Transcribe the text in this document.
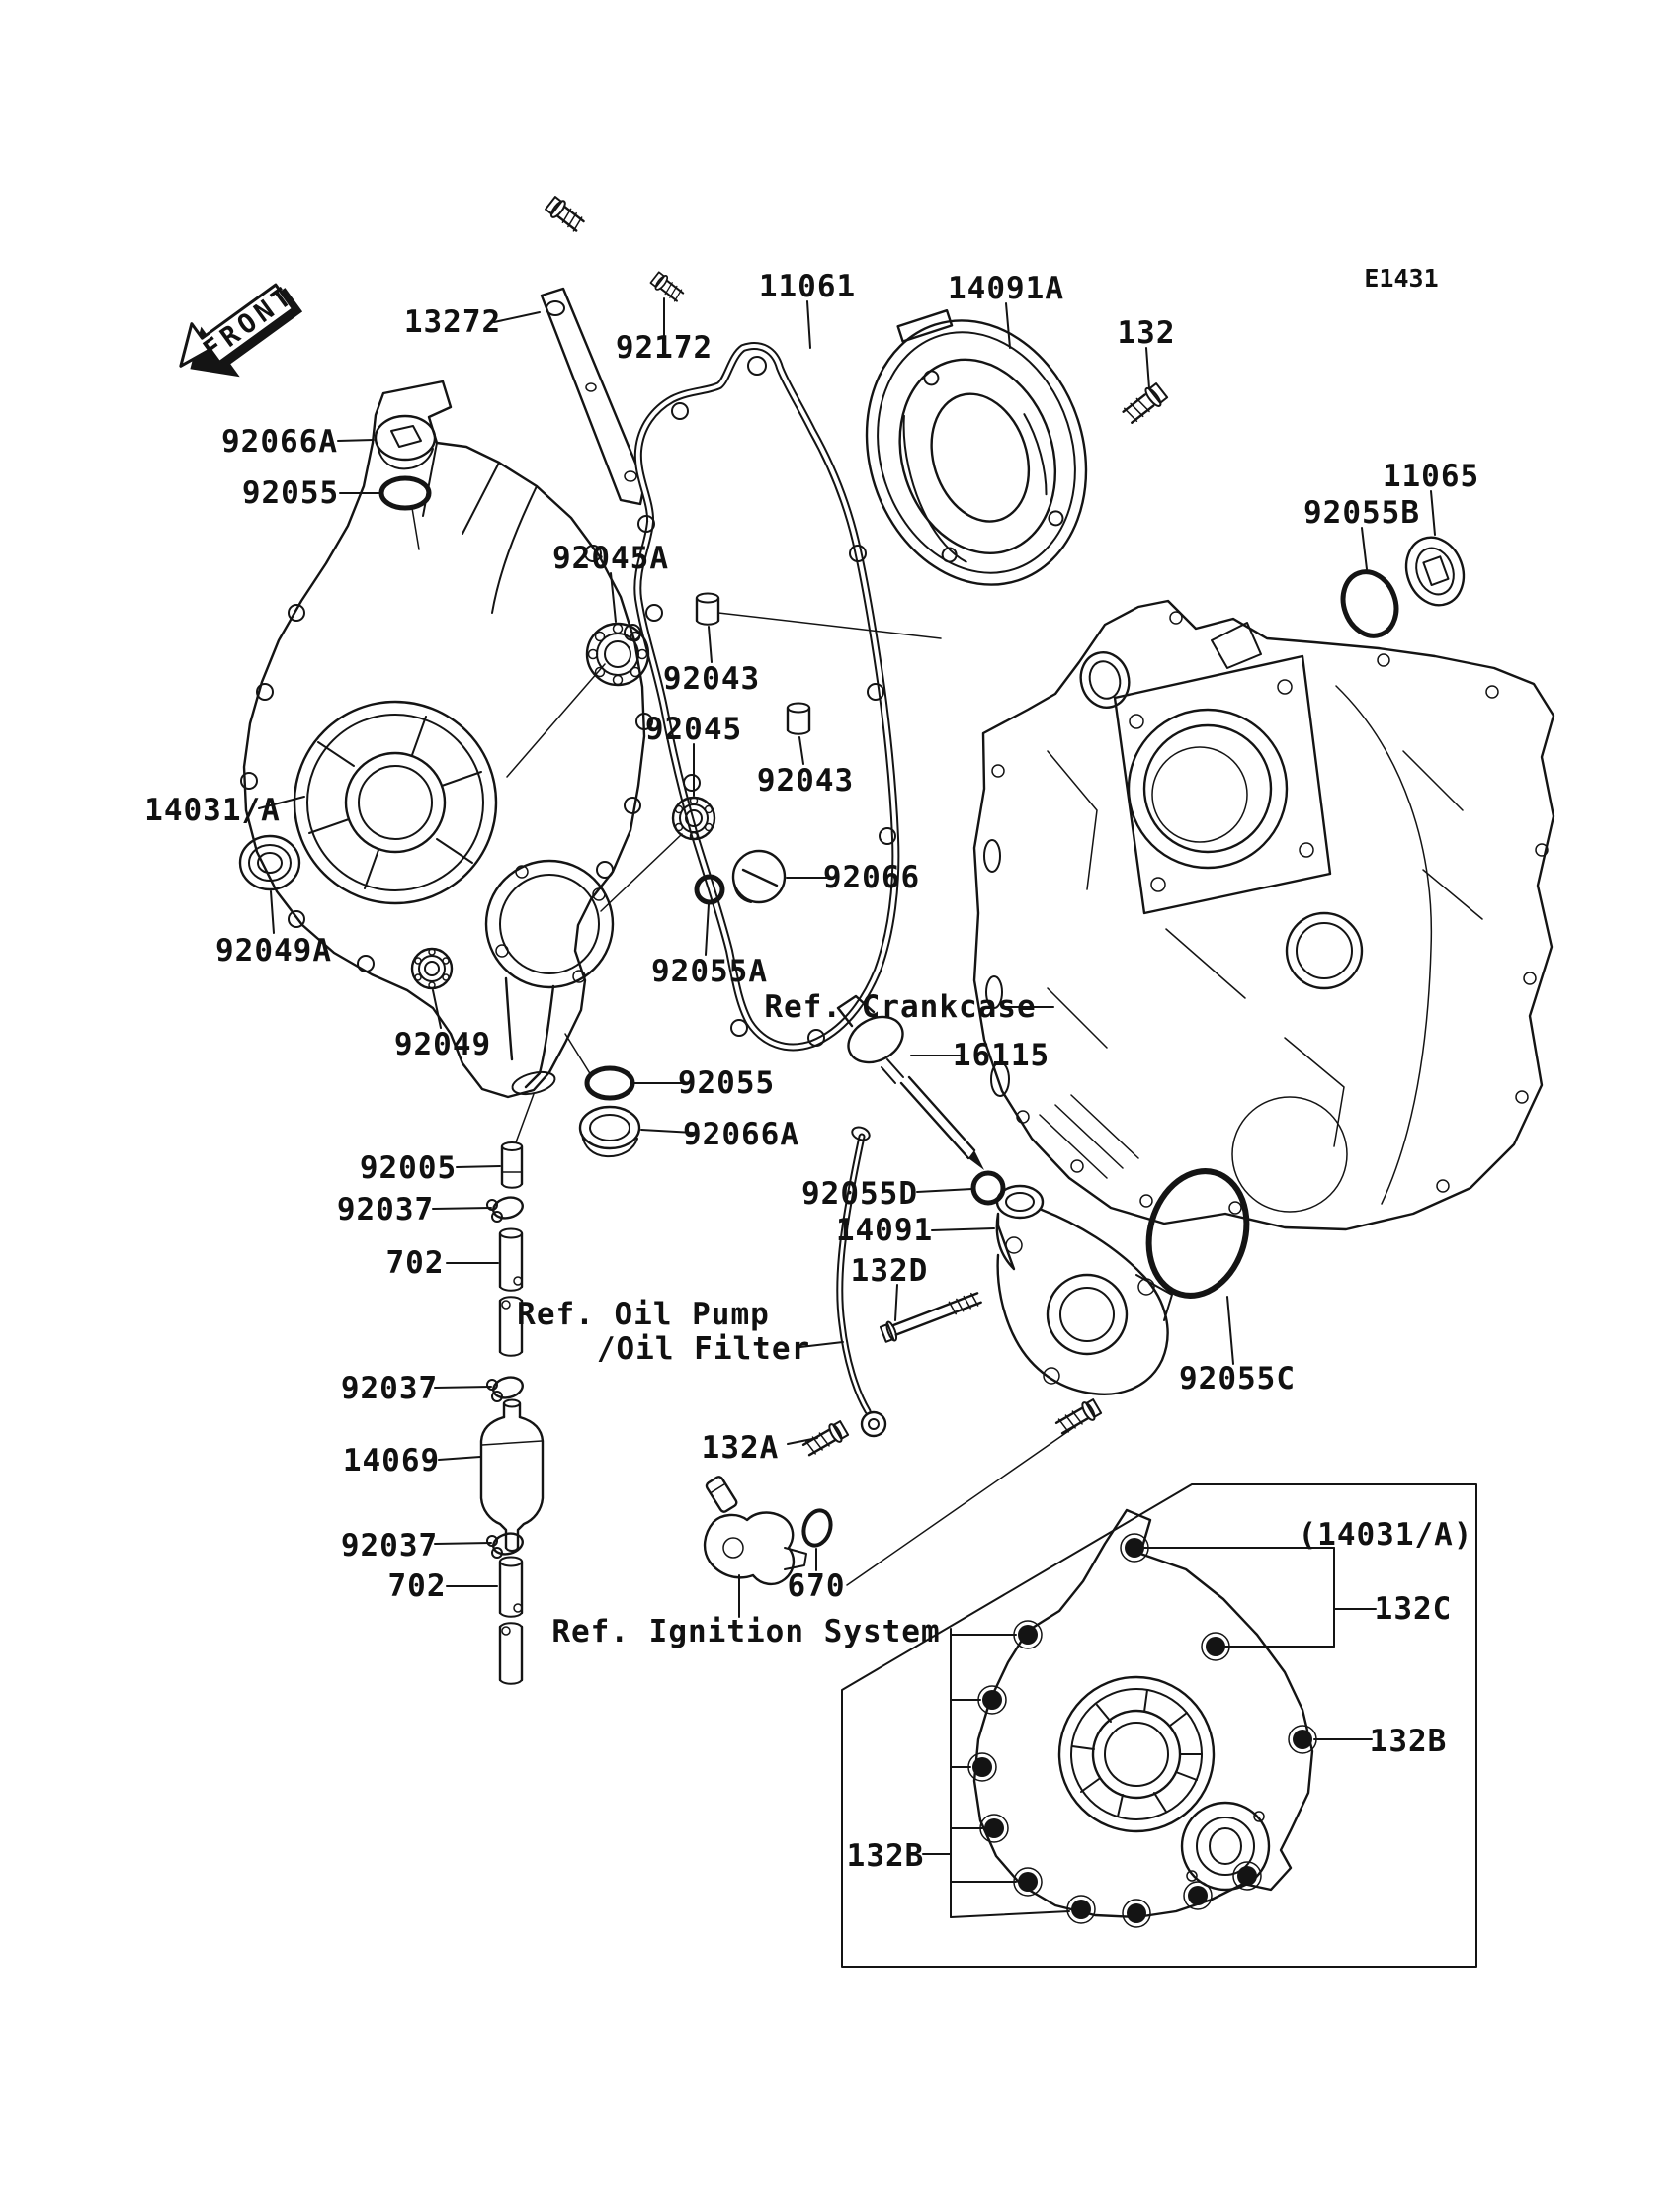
FRONT
E1431
13272
92172
11061	14091A
132
92066A
92055	11065
92055B
92045A
92043
92045
92043
14031/A
92066
92049A
92055A
Ref. Crankcase
92049	16115
92055
92066A
92005
92037
702
92055D
14091
132D
Ref. Oil Pump
/Oil Filter
92037
132A
92055C
14069
92037
670
702
Ref. Ignition System
(14031/A)
132C
132B
132B
